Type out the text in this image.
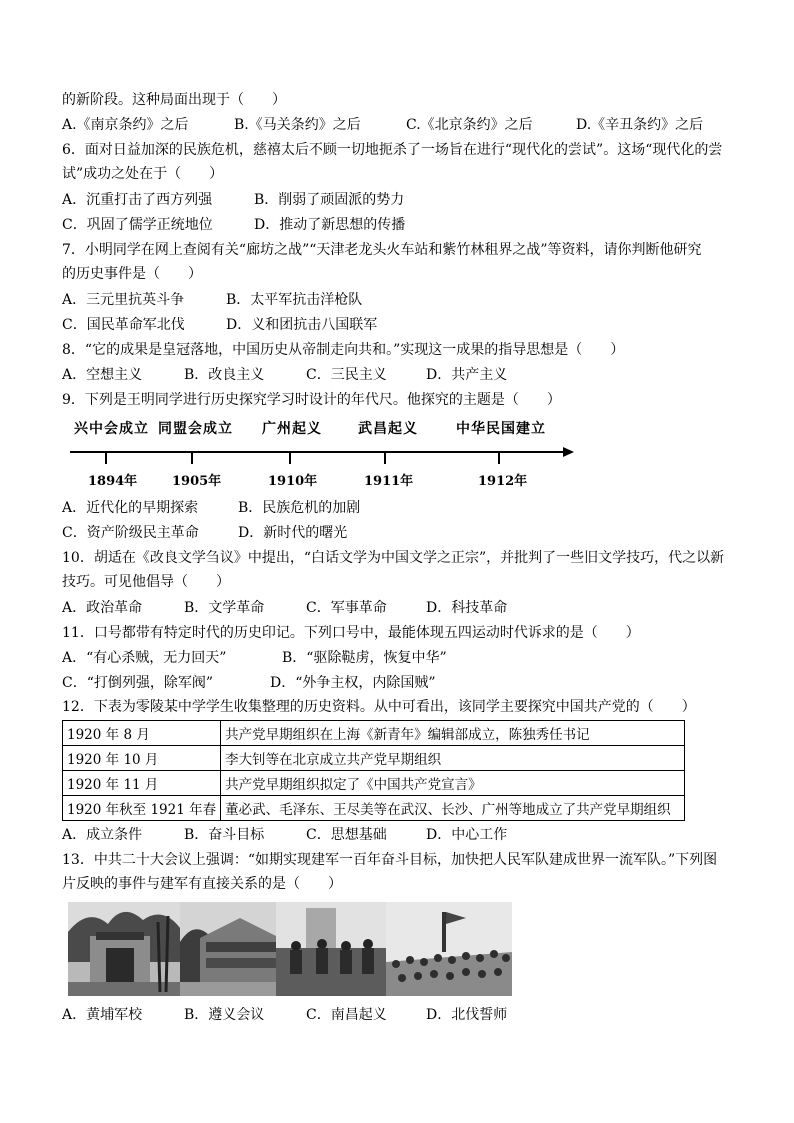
的新阶段。这种局面出现于（　　）
A.《南京条约》之后	B.《马关条约》之后	C.《北京条约》之后	D.《辛丑条约》之后
6．面对日益加深的民族危机，慈禧太后不顾一切地扼杀了一场旨在进行“现代化的尝试”。这场“现代化的尝
试”成功之处在于（　　）
A．沉重打击了西方列强	B．削弱了顽固派的势力
C．巩固了儒学正统地位	D．推动了新思想的传播
7．小明同学在网上查阅有关“廊坊之战”“天津老龙头火车站和紫竹林租界之战”等资料，请你判断他研究
的历史事件是（　　）
A．三元里抗英斗争	B．太平军抗击洋枪队
C．国民革命军北伐	D．义和团抗击八国联军
8．“它的成果是皇冠落地，中国历史从帝制走向共和。”实现这一成果的指导思想是（　　）
A．空想主义	B．改良主义	C．三民主义	D．共产主义
9．下列是王明同学进行历史探究学习时设计的年代尺。他探究的主题是（　　）
兴中会成立 同盟会成立 广州起义	武昌起义	中华民国建立
1894年	1905年	1910年	1911年	1912年
A．近代化的早期探索	B．民族危机的加剧
C．资产阶级民主革命	D．新时代的曙光
10．胡适在《改良文学刍议》中提出，“白话文学为中国文学之正宗”，并批判了一些旧文学技巧，代之以新
技巧。可见他倡导（　　）
A．政治革命	B．文学革命	C．军事革命	D．科技革命
11．口号都带有特定时代的历史印记。下列口号中，最能体现五四运动时代诉求的是（　　）
A．“有心杀贼，无力回天”	B．“驱除鞑虏，恢复中华”
C．“打倒列强，除军阀”	D．“外争主权，内除国贼”
12．下表为零陵某中学学生收集整理的历史资料。从中可看出，该同学主要探究中国共产党的（　　）
1920 年 8 月	共产党早期组织在上海《新青年》编辑部成立，陈独秀任书记
1920 年 10 月	李大钊等在北京成立共产党早期组织
1920 年 11 月	共产党早期组织拟定了《中国共产党宣言》
1920 年秋至 1921 年春	董必武、毛泽东、王尽美等在武汉、长沙、广州等地成立了共产党早期组织
A．成立条件	B．奋斗目标	C．思想基础	D．中心工作
13．中共二十大会议上强调：“如期实现建军一百年奋斗目标，加快把人民军队建成世界一流军队。”下列图
片反映的事件与建军有直接关系的是（　　）
A．黄埔军校	B．遵义会议	C．南昌起义	D．北伐誓师
